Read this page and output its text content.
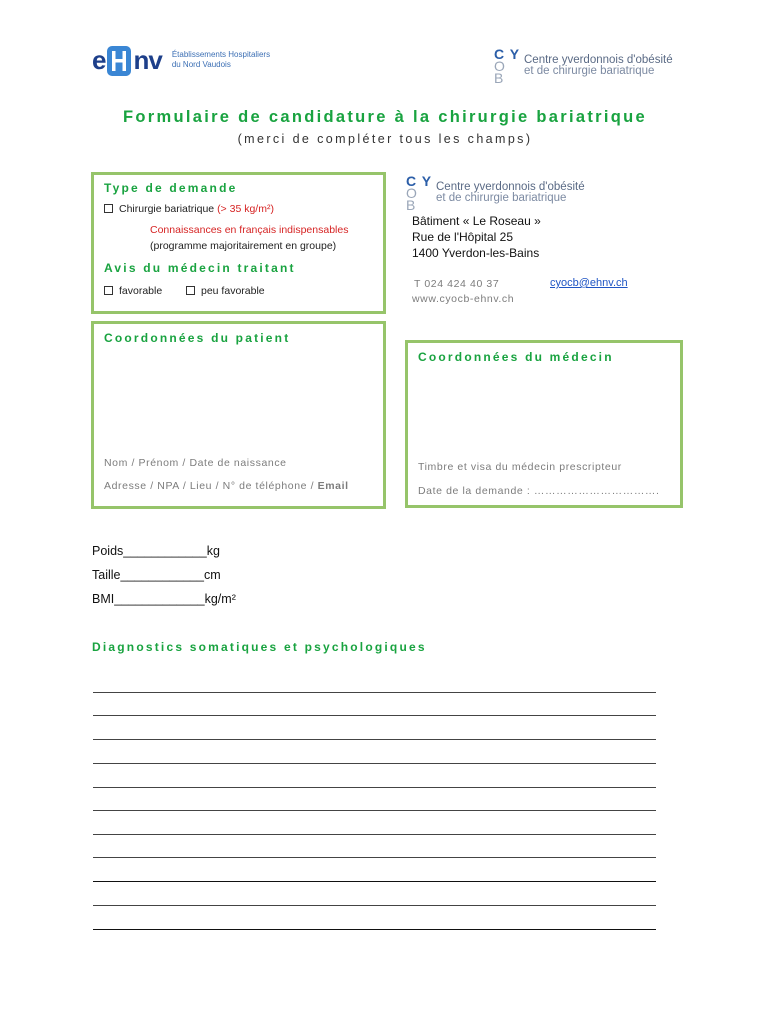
e nv Établissements Hospitaliers
du Nord Vaudois
C Y
O B
Centre yverdonnois d'obésité
et de chirurgie bariatrique
Formulaire de candidature à la chirurgie bariatrique
(merci de compléter tous les champs)
Type de demande
Chirurgie bariatrique (> 35 kg/m²)
Connaissances en français indispensables
(programme majoritairement en groupe)
Avis du médecin traitant
favorable	peu favorable
C Y
O B
Centre yverdonnois d'obésité
et de chirurgie bariatrique
Bâtiment « Le Roseau »
Rue de l'Hôpital 25
1400 Yverdon-les-Bains
T 024 424 40 37	cyocb@ehnv.ch
www.cyocb-ehnv.ch
Coordonnées du patient
Nom / Prénom / Date de naissance
Adresse / NPA / Lieu / N° de téléphone / Email
Coordonnées du médecin
Timbre et visa du médecin prescripteur
Date de la demande : …………………………….
Poids____________kg
Taille____________cm
BMI_____________kg/m²
Diagnostics somatiques et psychologiques
